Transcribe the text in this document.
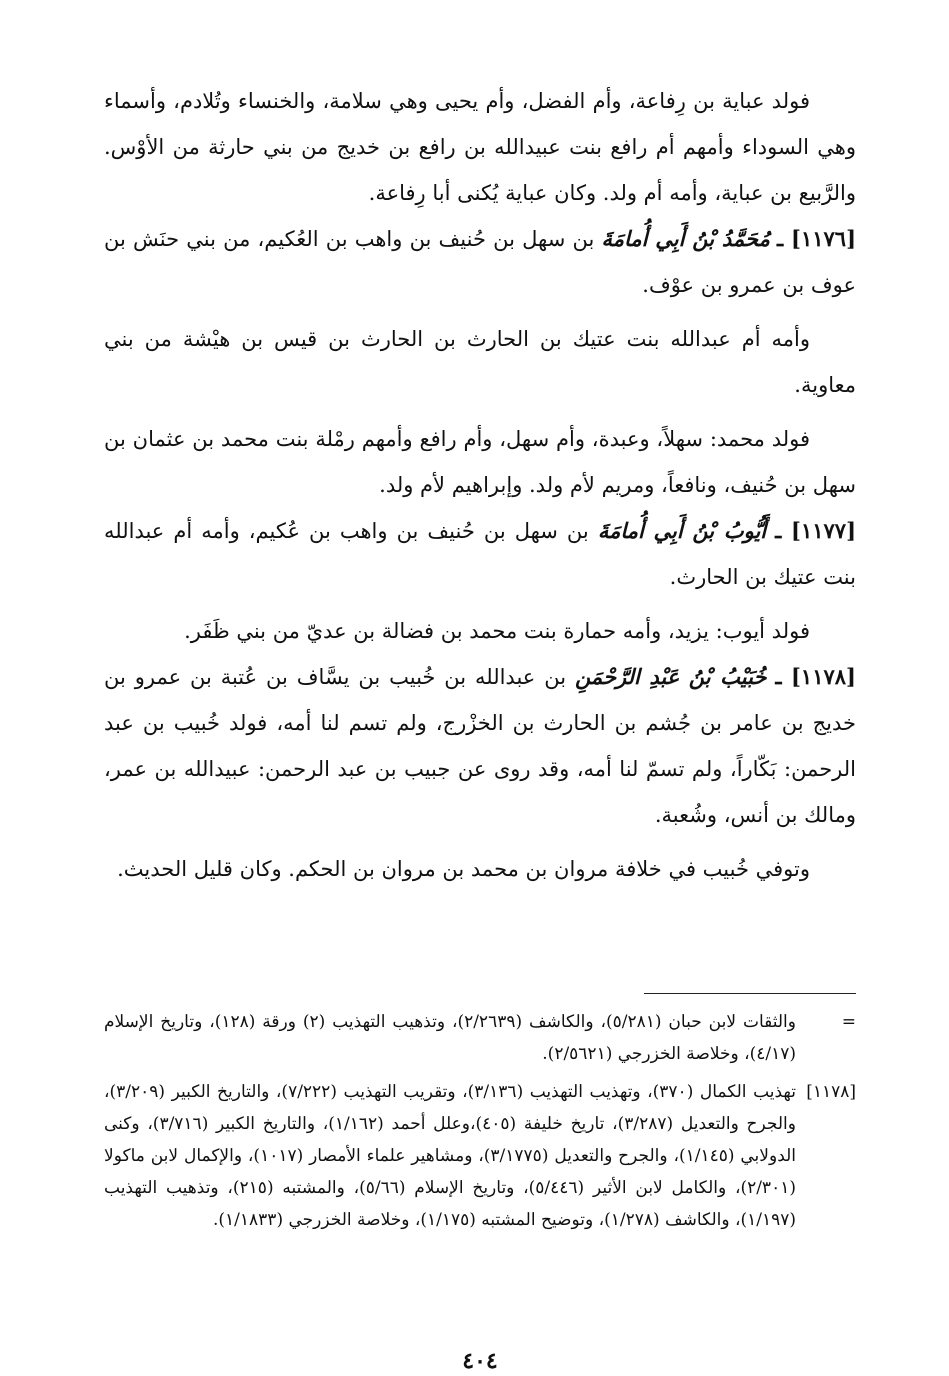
فولد عباية بن رِفاعة، وأم الفضل، وأم يحيى وهي سلامة، والخنساء وتُلادم، وأسماء وهي السوداء وأمهم أم رافع بنت عبيدالله بن رافع بن خديج من بني حارثة من الأوْس. والرَّبيع بن عباية، وأمه أم ولد. وكان عباية يُكنى أبا رِفاعة.

[١١٧٦] ـ مُحَمَّدُ بْنُ أَبِي أُمامَةَ بن سهل بن حُنيف بن واهب بن العُكيم، من بني حنَش بن عوف بن عمرو بن عوْف.

وأمه أم عبدالله بنت عتيك بن الحارث بن الحارث بن قيس بن هيْشة من بني معاوية.

فولد محمد: سهلاً، وعبدة، وأم سهل، وأم رافع وأمهم رمْلة بنت محمد بن عثمان بن سهل بن حُنيف، ونافعاً، ومريم لأم ولد. وإبراهيم لأم ولد.

[١١٧٧] ـ أَيُّوبُ بْنُ أَبِي أُمامَةَ بن سهل بن حُنيف بن واهب بن عُكيم، وأمه أم عبدالله بنت عتيك بن الحارث.

فولد أيوب: يزيد، وأمه حمارة بنت محمد بن فضالة بن عديّ من بني ظَفَر.

[١١٧٨] ـ خُبَيْبُ بْنُ عَبْدِ الرَّحْمَنِ بن عبدالله بن خُبيب بن يسَّاف بن عُتبة بن عمرو بن خديج بن عامر بن جُشم بن الحارث بن الخزْرج، ولم تسم لنا أمه، فولد خُبيب بن عبد الرحمن: بَكّاراً، ولم تسمّ لنا أمه، وقد روى عن جبيب بن عبد الرحمن: عبيدالله بن عمر، ومالك بن أنس، وشُعبة.

وتوفي خُبيب في خلافة مروان بن محمد بن مروان بن الحكم. وكان قليل الحديث.

=
والثقات لابن حبان (٥/٢٨١)، والكاشف (٢/٢٦٣٩)، وتذهيب التهذيب (٢) ورقة (١٢٨)، وتاريخ الإسلام (٤/١٧)، وخلاصة الخزرجي (٢/٥٦٢١).
[١١٧٨]
تهذيب الكمال (٣٧٠)، وتهذيب التهذيب (٣/١٣٦)، وتقريب التهذيب (٧/٢٢٢)، والتاريخ الكبير (٣/٢٠٩)، والجرح والتعديل (٣/٢٨٧)، تاريخ خليفة (٤٠٥)،وعلل أحمد (١/١٦٢)، والتاريخ الكبير (٣/٧١٦)، وكنى الدولابي (١/١٤٥)، والجرح والتعديل (٣/١٧٧٥)، ومشاهير علماء الأمصار (١٠١٧)، والإكمال لابن ماكولا (٢/٣٠١)، والكامل لابن الأثير (٥/٤٤٦)، وتاريخ الإسلام (٥/٦٦)، والمشتبه (٢١٥)، وتذهيب التهذيب (١/١٩٧)، والكاشف (١/٢٧٨)، وتوضيح المشتبه (١/١٧٥)، وخلاصة الخزرجي (١/١٨٣٣).
٤٠٤
